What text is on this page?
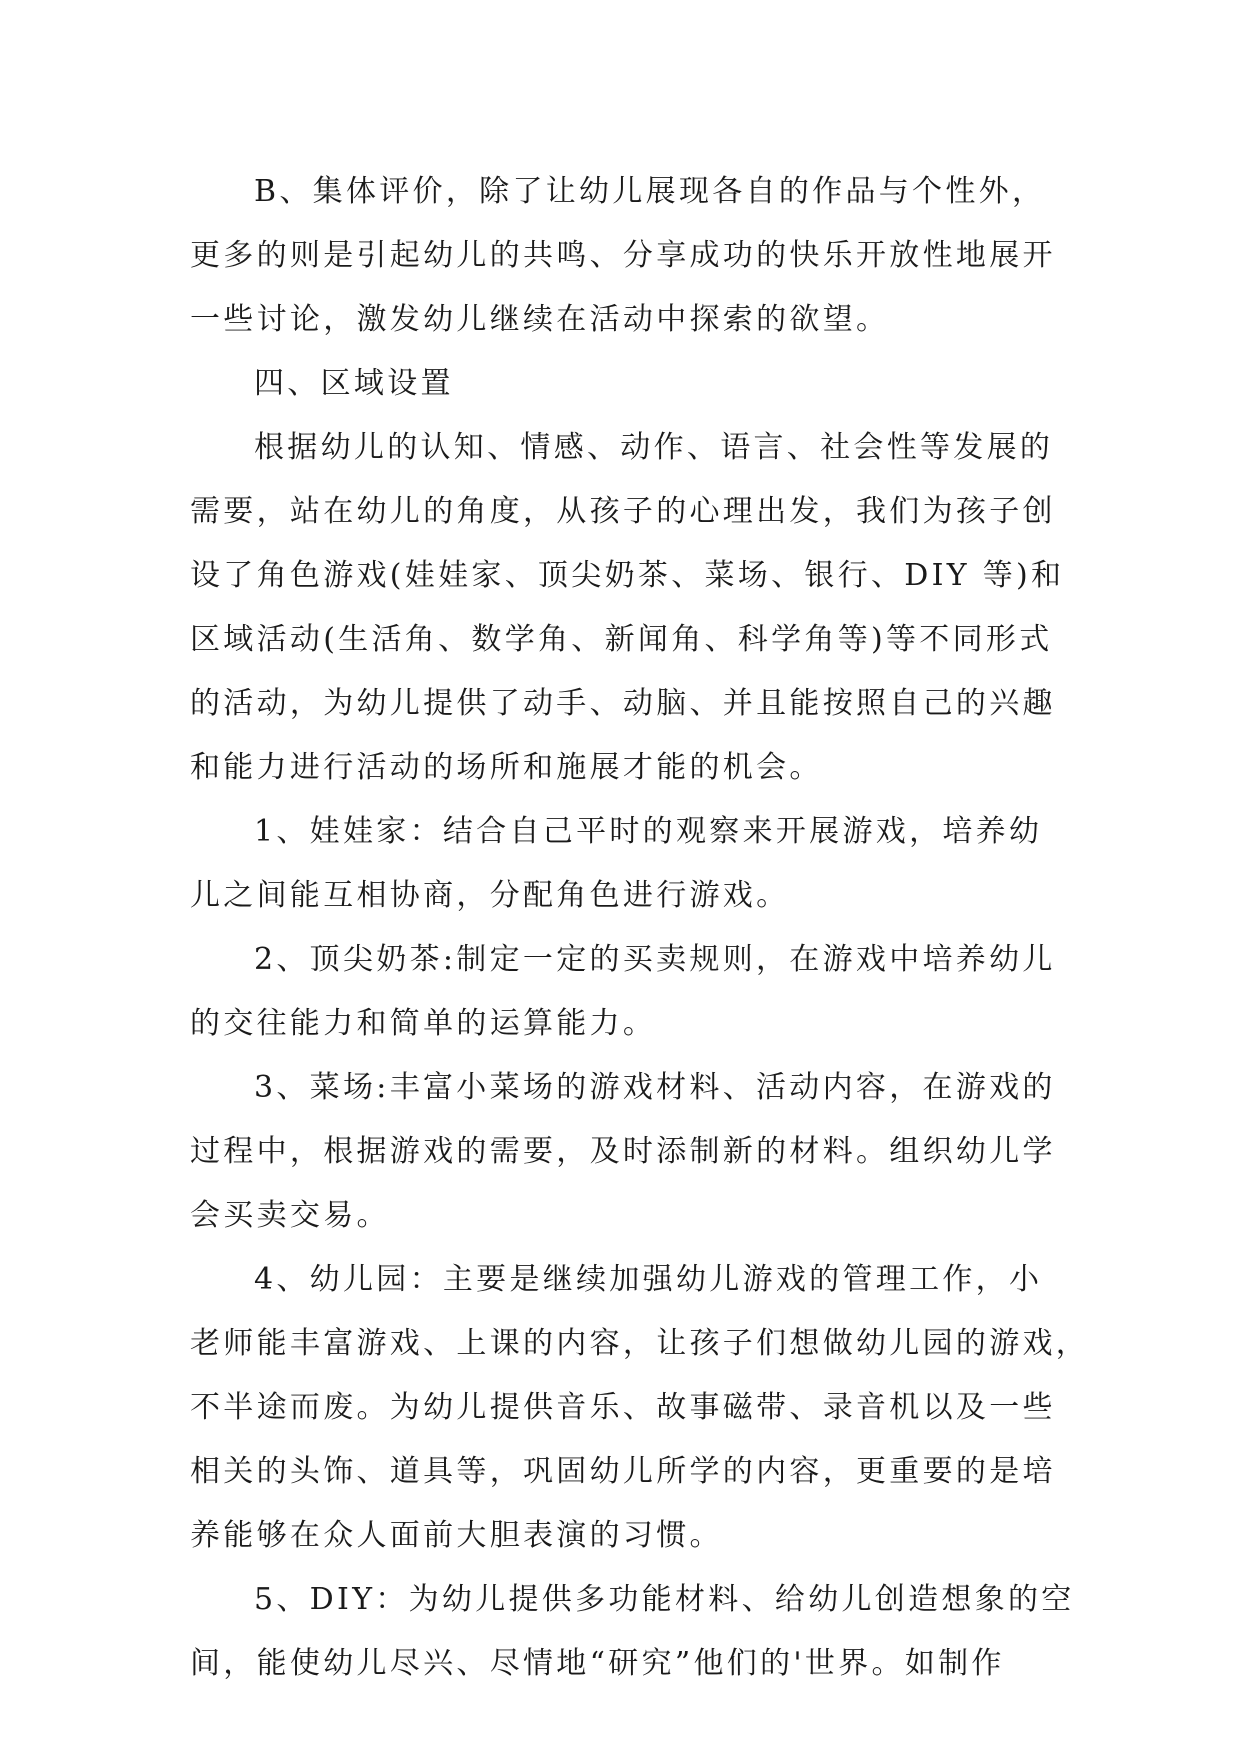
B、集体评价，除了让幼儿展现各自的作品与个性外，
更多的则是引起幼儿的共鸣、分享成功的快乐开放性地展开
一些讨论，激发幼儿继续在活动中探索的欲望。
四、区域设置
根据幼儿的认知、情感、动作、语言、社会性等发展的
需要，站在幼儿的角度，从孩子的心理出发，我们为孩子创
设了角色游戏(娃娃家、顶尖奶茶、菜场、银行、DIY 等)和
区域活动(生活角、数学角、新闻角、科学角等)等不同形式
的活动，为幼儿提供了动手、动脑、并且能按照自己的兴趣
和能力进行活动的场所和施展才能的机会。
1、娃娃家：结合自己平时的观察来开展游戏，培养幼
儿之间能互相协商，分配角色进行游戏。
2、顶尖奶茶:制定一定的买卖规则，在游戏中培养幼儿
的交往能力和简单的运算能力。
3、菜场:丰富小菜场的游戏材料、活动内容，在游戏的
过程中，根据游戏的需要，及时添制新的材料。组织幼儿学
会买卖交易。
4、幼儿园：主要是继续加强幼儿游戏的管理工作，小
老师能丰富游戏、上课的内容，让孩子们想做幼儿园的游戏，
不半途而废。为幼儿提供音乐、故事磁带、录音机以及一些
相关的头饰、道具等，巩固幼儿所学的内容，更重要的是培
养能够在众人面前大胆表演的习惯。
5、DIY：为幼儿提供多功能材料、给幼儿创造想象的空
间，能使幼儿尽兴、尽情地“研究”他们的'世界。如制作
